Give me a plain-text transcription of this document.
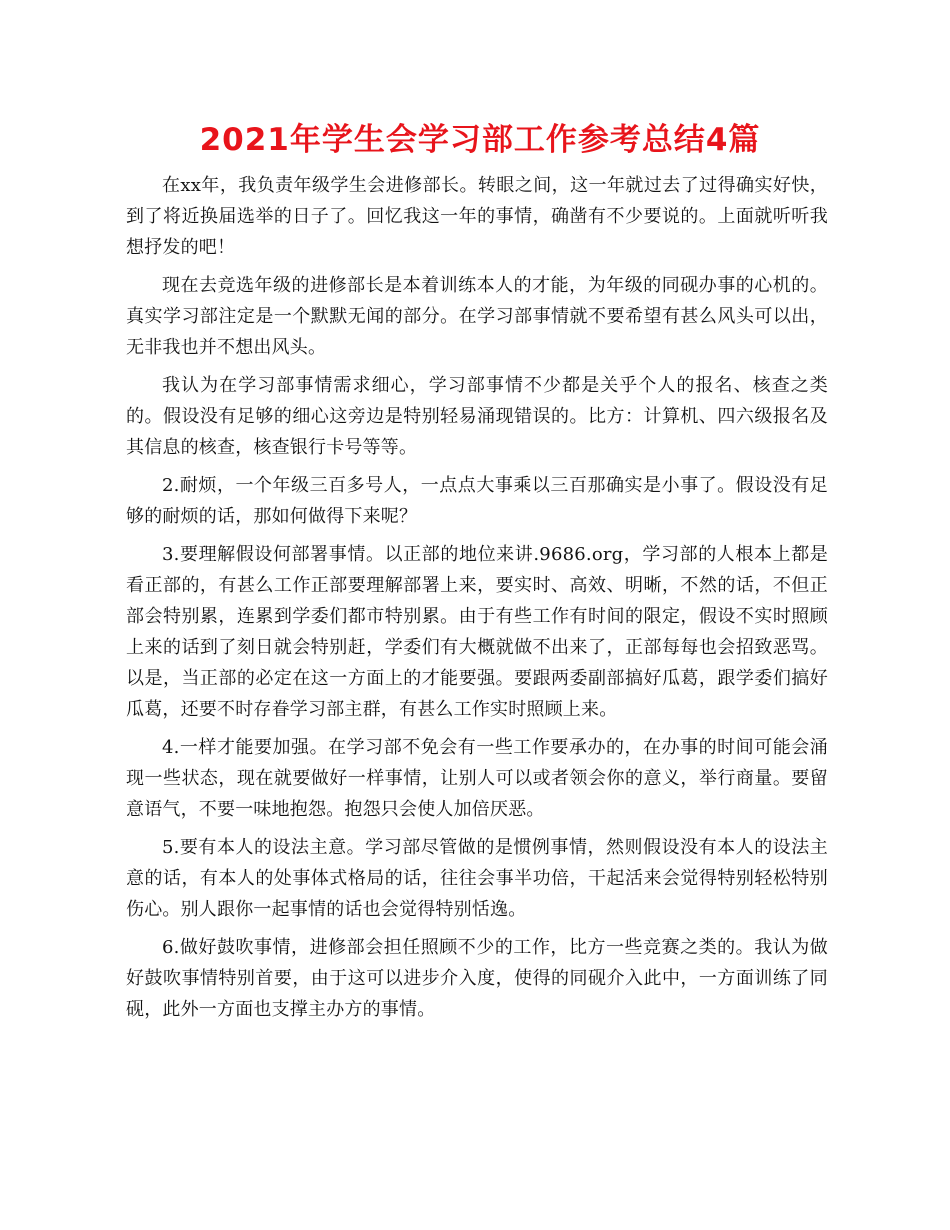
2021年学生会学习部工作参考总结4篇

在xx年，我负责年级学生会进修部长。转眼之间，这一年就过去了过得确实好快，到了将近换届选举的日子了。回忆我这一年的事情，确凿有不少要说的。上面就听听我想抒发的吧！

现在去竞选年级的进修部长是本着训练本人的才能，为年级的同砚办事的心机的。真实学习部注定是一个默默无闻的部分。在学习部事情就不要希望有甚么风头可以出，无非我也并不想出风头。

我认为在学习部事情需求细心，学习部事情不少都是关乎个人的报名、核查之类的。假设没有足够的细心这旁边是特别轻易涌现错误的。比方：计算机、四六级报名及其信息的核查，核查银行卡号等等。

2.耐烦，一个年级三百多号人，一点点大事乘以三百那确实是小事了。假设没有足够的耐烦的话，那如何做得下来呢？

3.要理解假设何部署事情。以正部的地位来讲.9686.org，学习部的人根本上都是看正部的，有甚么工作正部要理解部署上来，要实时、高效、明晰，不然的话，不但正部会特别累，连累到学委们都市特别累。由于有些工作有时间的限定，假设不实时照顾上来的话到了刻日就会特别赶，学委们有大概就做不出来了，正部每每也会招致恶骂。以是，当正部的必定在这一方面上的才能要强。要跟两委副部搞好瓜葛，跟学委们搞好瓜葛，还要不时存眷学习部主群，有甚么工作实时照顾上来。

4.一样才能要加强。在学习部不免会有一些工作要承办的，在办事的时间可能会涌现一些状态，现在就要做好一样事情，让别人可以或者领会你的意义，举行商量。要留意语气，不要一味地抱怨。抱怨只会使人加倍厌恶。

5.要有本人的设法主意。学习部尽管做的是惯例事情，然则假设没有本人的设法主意的话，有本人的处事体式格局的话，往往会事半功倍，干起活来会觉得特别轻松特别伤心。别人跟你一起事情的话也会觉得特别恬逸。

6.做好鼓吹事情，进修部会担任照顾不少的工作，比方一些竞赛之类的。我认为做好鼓吹事情特别首要，由于这可以进步介入度，使得的同砚介入此中，一方面训练了同砚，此外一方面也支撑主办方的事情。
